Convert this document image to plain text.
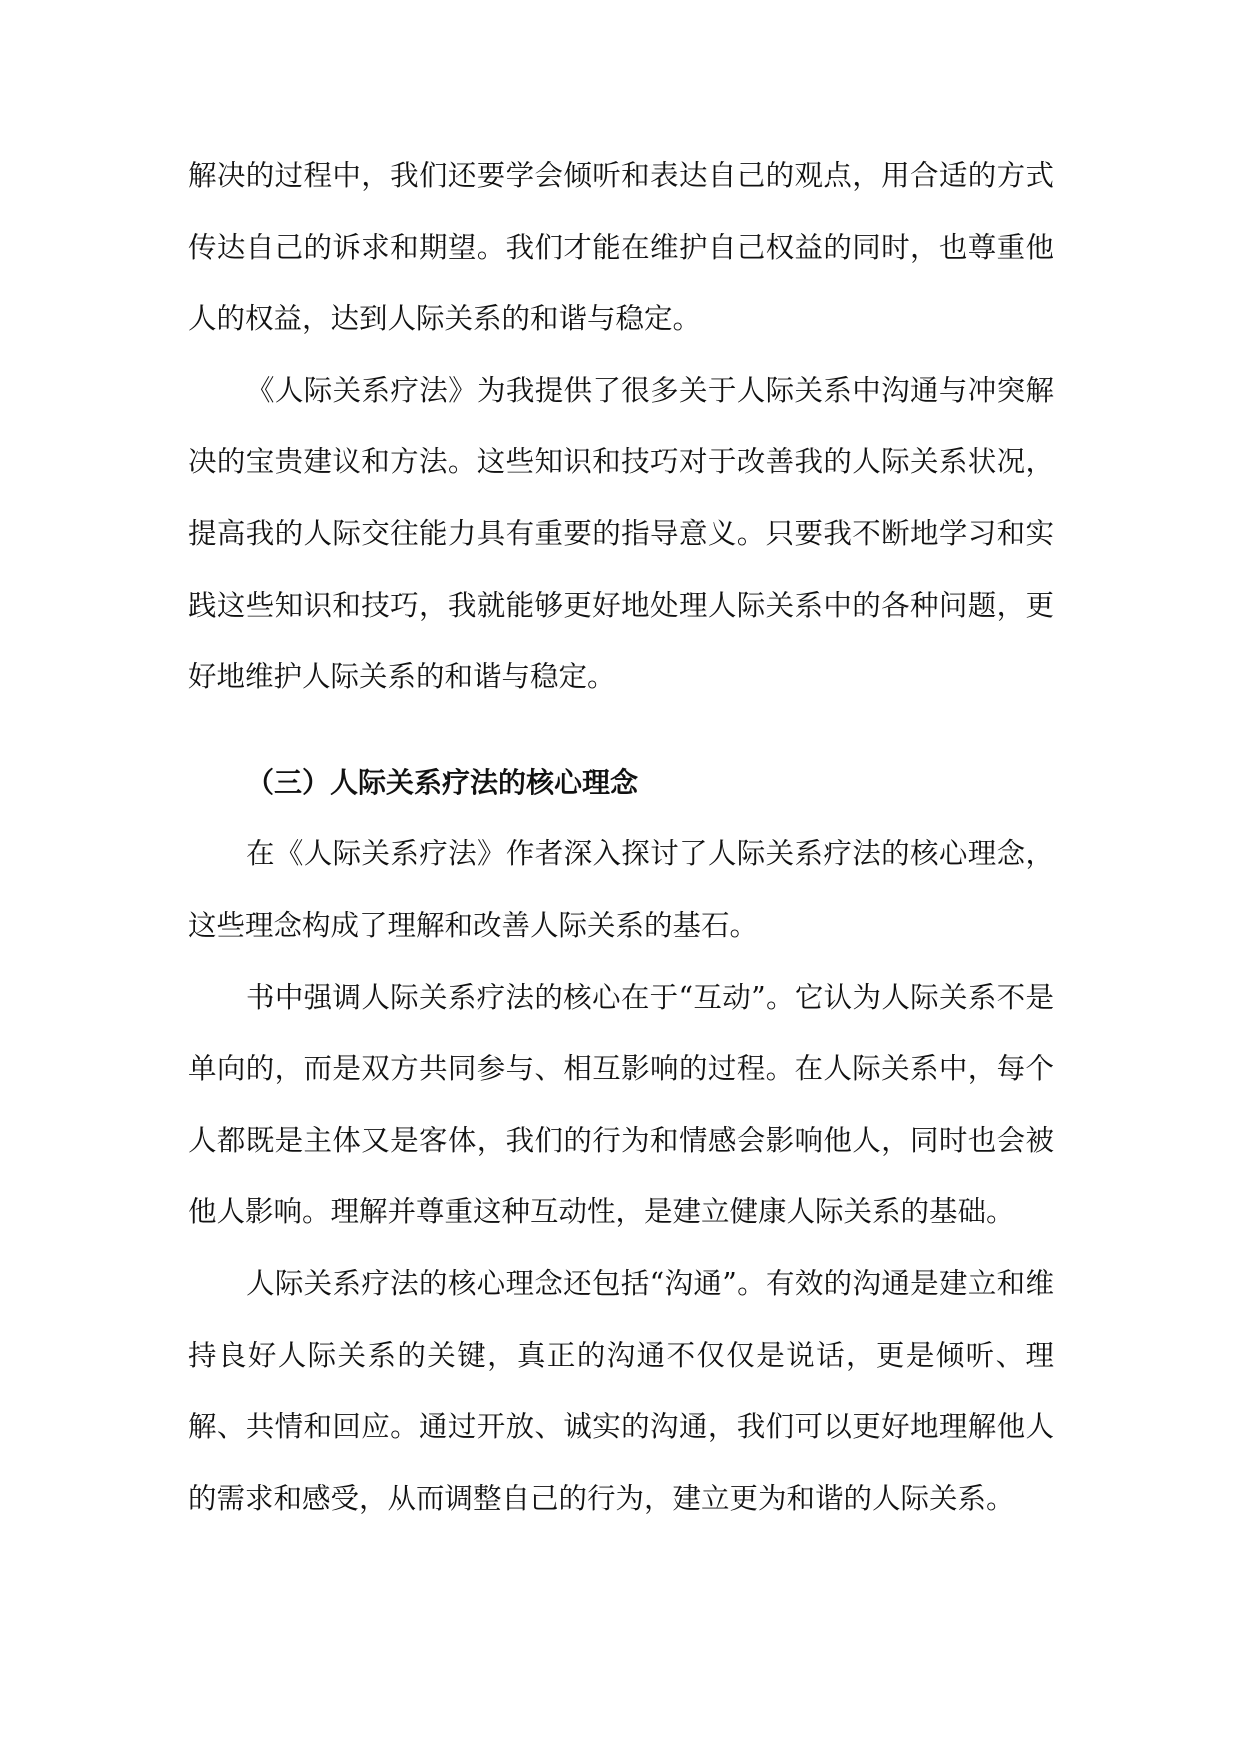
解决的过程中，我们还要学会倾听和表达自己的观点，用合适的方式传达自己的诉求和期望。我们才能在维护自己权益的同时，也尊重他人的权益，达到人际关系的和谐与稳定。

《人际关系疗法》为我提供了很多关于人际关系中沟通与冲突解决的宝贵建议和方法。这些知识和技巧对于改善我的人际关系状况，提高我的人际交往能力具有重要的指导意义。只要我不断地学习和实践这些知识和技巧，我就能够更好地处理人际关系中的各种问题，更好地维护人际关系的和谐与稳定。

（三）人际关系疗法的核心理念

在《人际关系疗法》作者深入探讨了人际关系疗法的核心理念，这些理念构成了理解和改善人际关系的基石。

书中强调人际关系疗法的核心在于“互动”。它认为人际关系不是单向的，而是双方共同参与、相互影响的过程。在人际关系中，每个人都既是主体又是客体，我们的行为和情感会影响他人，同时也会被他人影响。理解并尊重这种互动性，是建立健康人际关系的基础。

人际关系疗法的核心理念还包括“沟通”。有效的沟通是建立和维持良好人际关系的关键，真正的沟通不仅仅是说话，更是倾听、理解、共情和回应。通过开放、诚实的沟通，我们可以更好地理解他人的需求和感受，从而调整自己的行为，建立更为和谐的人际关系。
